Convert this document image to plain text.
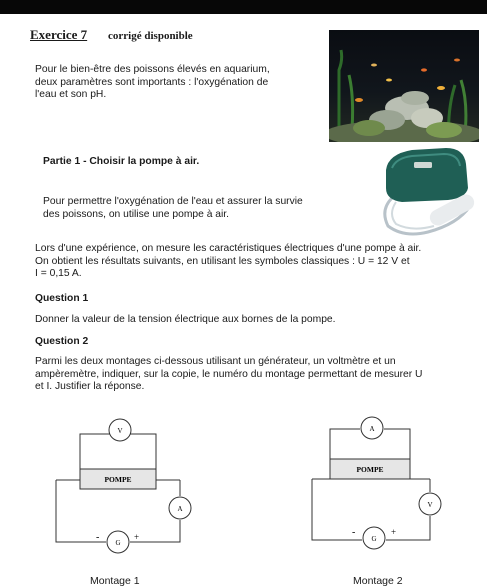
Exercice 7 corrigé disponible
Pour le bien-être des poissons élevés en aquarium,
deux paramètres sont importants : l'oxygénation de
l'eau et son pH.
Partie 1 - Choisir la pompe à air.
Pour permettre l'oxygénation de l'eau et assurer la survie
des poissons, on utilise une pompe à air.
Lors d'une expérience, on mesure les caractéristiques électriques d'une pompe à air.
On obtient les résultats suivants, en utilisant les symboles classiques : U = 12 V et
I = 0,15 A.
Question 1
Donner la valeur de la tension électrique aux bornes de la pompe.
Question 2
Parmi les deux montages ci-dessous utilisant un générateur, un voltmètre et un
ampèremètre, indiquer, sur la copie, le numéro du montage permettant de mesurer U
et I. Justifier la réponse.
V
POMPE
A
G
-	+
A
POMPE
V
G
-	+
Montage 1	Montage 2
